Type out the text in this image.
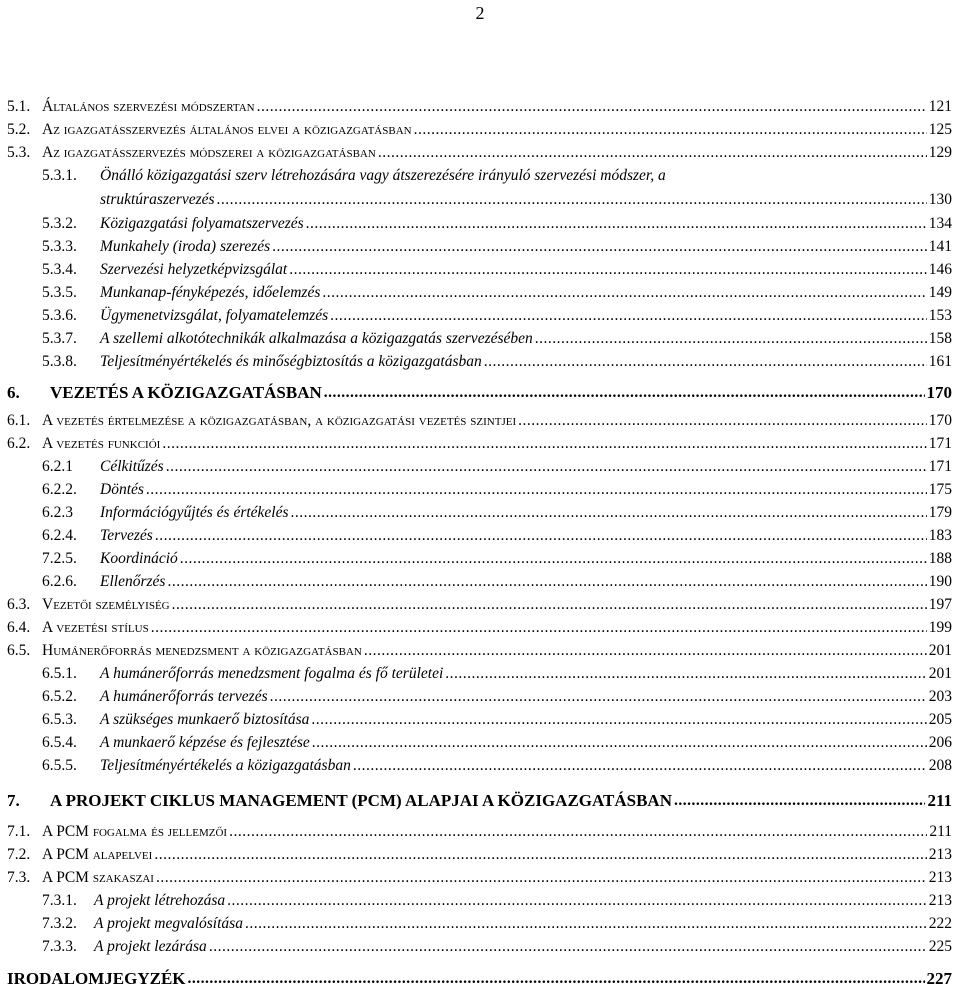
2
5.1. Általános szervezési módszertan .....	121
5.2. Az igazgatásszervezés általános elvei a közigazgatásban .....	125
5.3. Az igazgatásszervezés módszerei a közigazgatásban .....	129
5.3.1.	Önálló közigazgatási szerv létrehozására vagy átszerezésére irányuló szervezési módszer, a
struktúraszervezés .....	130
5.3.2.	Közigazgatási folyamatszervezés .....	134
5.3.3.	Munkahely (iroda) szerezés .....	141
5.3.4.	Szervezési helyzetképvizsgálat .....	146
5.3.5.	Munkanap-fényképezés, időelemzés .....	149
5.3.6.	Ügymenetvizsgálat, folyamatelemzés .....	153
5.3.7.	A szellemi alkotótechnikák alkalmazása a közigazgatás szervezésében .....	158
5.3.8.	Teljesítményértékelés és minőségbiztosítás a közigazgatásban .....	161
6.	VEZETÉS A KÖZIGAZGATÁSBAN .....	170
6.1. A vezetés értelmezése a közigazgatásban, a közigazgatási vezetés szintjei .....	170
6.2. A vezetés funkciói .....	171
6.2.1	Célkitűzés .....	171
6.2.2.	Döntés .....	175
6.2.3	Információgyűjtés és értékelés .....	179
6.2.4.	Tervezés .....	183
7.2.5.	Koordináció .....	188
6.2.6.	Ellenőrzés .....	190
6.3. Vezetői személyiség .....	197
6.4. A vezetési stílus .....	199
6.5. Humánerőforrás menedzsment a közigazgatásban .....	201
6.5.1.	A humánerőforrás menedzsment fogalma és fő területei .....	201
6.5.2.	A humánerőforrás tervezés .....	203
6.5.3.	A szükséges munkaerő biztosítása .....	205
6.5.4.	A munkaerő képzése és fejlesztése .....	206
6.5.5.	Teljesítményértékelés a közigazgatásban .....	208
7.	A PROJEKT CIKLUS MANAGEMENT (PCM) ALAPJAI A KÖZIGAZGATÁSBAN .....	211
7.1. A PCM fogalma és jellemzői .....	211
7.2. A PCM alapelvei .....	213
7.3. A PCM szakaszai .....	213
7.3.1.	A projekt létrehozása .....	213
7.3.2.	A projekt megvalósítása .....	222
7.3.3.	A projekt lezárása .....	225
IRODALOMJEGYZÉK .....	227
